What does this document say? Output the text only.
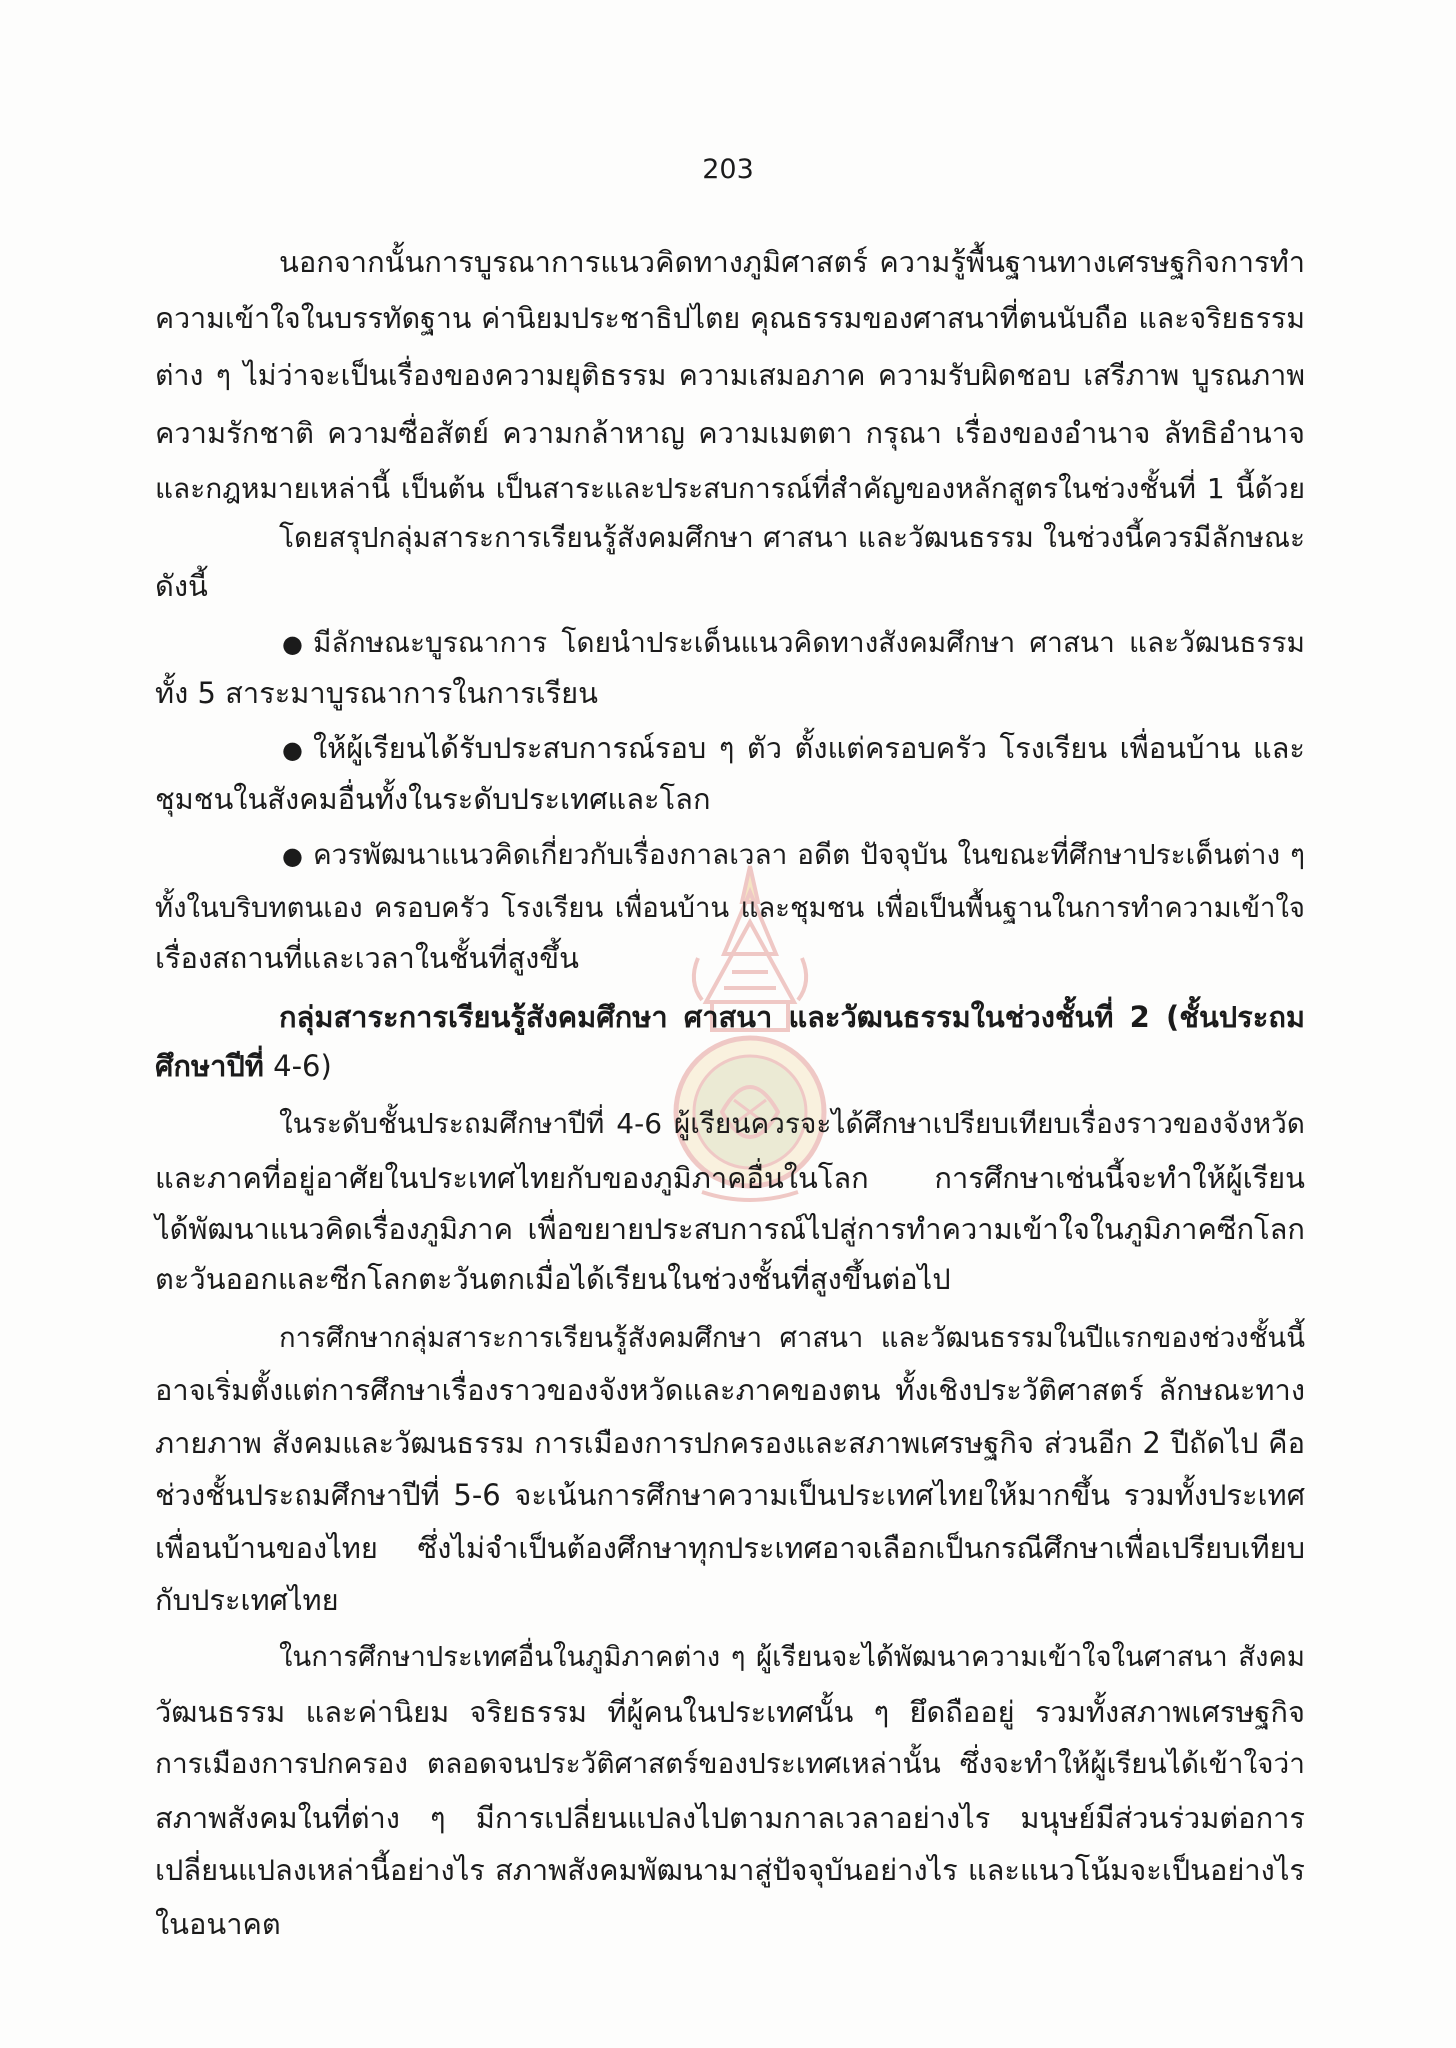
203
นอกจากนั้นการบูรณาการแนวคิดทางภูมิศาสตร์ ความรู้พื้นฐานทางเศรษฐกิจการทำ
ความเข้าใจในบรรทัดฐาน ค่านิยมประชาธิปไตย คุณธรรมของศาสนาที่ตนนับถือ และจริยธรรม
ต่าง ๆ ไม่ว่าจะเป็นเรื่องของความยุติธรรม ความเสมอภาค ความรับผิดชอบ เสรีภาพ บูรณภาพ
ความรักชาติ ความซื่อสัตย์ ความกล้าหาญ ความเมตตา กรุณา เรื่องของอำนาจ ลัทธิอำนาจ
และกฎหมายเหล่านี้ เป็นต้น เป็นสาระและประสบการณ์ที่สำคัญของหลักสูตรในช่วงชั้นที่ 1 นี้ด้วย
โดยสรุปกลุ่มสาระการเรียนรู้สังคมศึกษา ศาสนา และวัฒนธรรม ในช่วงนี้ควรมีลักษณะ
ดังนี้
● มีลักษณะบูรณาการ โดยนำประเด็นแนวคิดทางสังคมศึกษา ศาสนา และวัฒนธรรม
ทั้ง 5 สาระมาบูรณาการในการเรียน
● ให้ผู้เรียนได้รับประสบการณ์รอบ ๆ ตัว ตั้งแต่ครอบครัว โรงเรียน เพื่อนบ้าน และ
ชุมชนในสังคมอื่นทั้งในระดับประเทศและโลก
● ควรพัฒนาแนวคิดเกี่ยวกับเรื่องกาลเวลา อดีต ปัจจุบัน ในขณะที่ศึกษาประเด็นต่าง ๆ
ทั้งในบริบทตนเอง ครอบครัว โรงเรียน เพื่อนบ้าน และชุมชน เพื่อเป็นพื้นฐานในการทำความเข้าใจ
เรื่องสถานที่และเวลาในชั้นที่สูงขึ้น
กลุ่มสาระการเรียนรู้สังคมศึกษา ศาสนา และวัฒนธรรมในช่วงชั้นที่ 2 (ชั้นประถม
ศึกษาปีที่ 4-6)
ในระดับชั้นประถมศึกษาปีที่ 4-6 ผู้เรียนควรจะได้ศึกษาเปรียบเทียบเรื่องราวของจังหวัด
และภาคที่อยู่อาศัยในประเทศไทยกับของภูมิภาคอื่นในโลก การศึกษาเช่นนี้จะทำให้ผู้เรียน
ได้พัฒนาแนวคิดเรื่องภูมิภาค เพื่อขยายประสบการณ์ไปสู่การทำความเข้าใจในภูมิภาคซีกโลก
ตะวันออกและซีกโลกตะวันตกเมื่อได้เรียนในช่วงชั้นที่สูงขึ้นต่อไป
การศึกษากลุ่มสาระการเรียนรู้สังคมศึกษา ศาสนา และวัฒนธรรมในปีแรกของช่วงชั้นนี้
อาจเริ่มตั้งแต่การศึกษาเรื่องราวของจังหวัดและภาคของตน ทั้งเชิงประวัติศาสตร์ ลักษณะทาง
ภายภาพ สังคมและวัฒนธรรม การเมืองการปกครองและสภาพเศรษฐกิจ ส่วนอีก 2 ปีถัดไป คือ
ช่วงชั้นประถมศึกษาปีที่ 5-6 จะเน้นการศึกษาความเป็นประเทศไทยให้มากขึ้น รวมทั้งประเทศ
เพื่อนบ้านของไทย ซึ่งไม่จำเป็นต้องศึกษาทุกประเทศอาจเลือกเป็นกรณีศึกษาเพื่อเปรียบเทียบ
กับประเทศไทย
ในการศึกษาประเทศอื่นในภูมิภาคต่าง ๆ ผู้เรียนจะได้พัฒนาความเข้าใจในศาสนา สังคม
วัฒนธรรม และค่านิยม จริยธรรม ที่ผู้คนในประเทศนั้น ๆ ยึดถืออยู่ รวมทั้งสภาพเศรษฐกิจ
การเมืองการปกครอง ตลอดจนประวัติศาสตร์ของประเทศเหล่านั้น ซึ่งจะทำให้ผู้เรียนได้เข้าใจว่า
สภาพสังคมในที่ต่าง ๆ มีการเปลี่ยนแปลงไปตามกาลเวลาอย่างไร มนุษย์มีส่วนร่วมต่อการ
เปลี่ยนแปลงเหล่านี้อย่างไร สภาพสังคมพัฒนามาสู่ปัจจุบันอย่างไร และแนวโน้มจะเป็นอย่างไร
ในอนาคต
